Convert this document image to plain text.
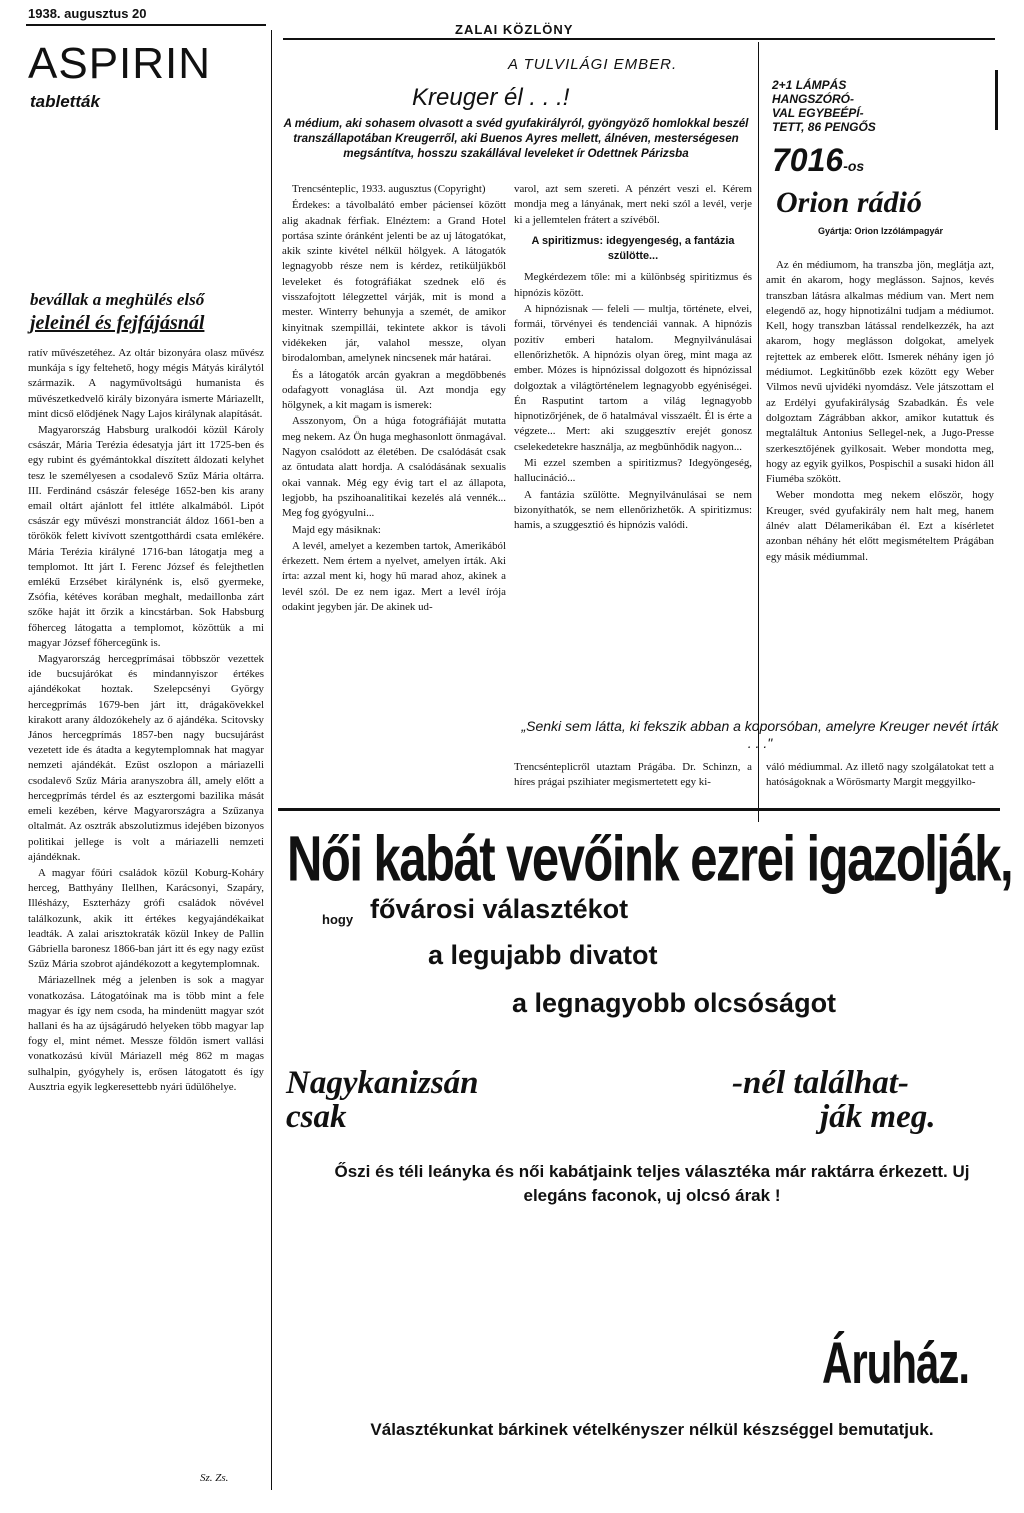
1938. augusztus 20
ZALAI KÖZLÖNY
ASPIRIN
tabletták
bevállak a meghülés első
jeleinél és fejfájásnál

ratív művészetéhez. Az oltár bizonyára olasz művész munkája s így feltehető, hogy mégis Mátyás királytól származik. A nagyművoltságú humanista és művészetkedvelő király bizonyára ismerte Máriazellt, mint dicső elődjének Nagy Lajos királynak alapítását.

Magyarország Habsburg uralkodói közül Károly császár, Mária Terézia édesatyja járt itt 1725-ben és egy rubint és gyémántokkal díszített áldozati kelyhet tesz le személyesen a csodalevő Szűz Mária oltárra. III. Ferdinánd császár felesége 1652-ben kis arany email oltárt ajánlott fel ittléte alkalmából. Lipót császár egy művészi monstranciát áldoz 1661-ben a törökök felett kivívott szentgotthárdi csata emlékére. Mária Terézia királyné 1716-ban látogatja meg a templomot. Itt járt I. Ferenc József és felejthetlen emlékű Erzsébet királynénk is, első gyermeke, Zsófia, kétéves korában meghalt, medaillonba zárt szőke haját itt őrzik a kincstárban. Sok Habsburg főherceg látogatta a templomot, közöttük a mi magyar József főhercegünk is.

Magyarország hercegprímásai többször vezettek ide bucsujárókat és mindannyiszor értékes ajándékokat hoztak. Szelepcsényi György hercegprímás 1679-ben járt itt, drágakövekkel kirakott arany áldozókehely az ő ajándéka. Scitovsky János hercegprímás 1857-ben nagy bucsujárást vezetett ide és átadta a kegytemplomnak hat magyar nemzeti ajándékát. Ezüst oszlopon a máriazelli csodalevő Szűz Mária aranyszobra áll, amely előtt a hercegprímás térdel és az esztergomi bazilika mását emeli kezében, kérve Magyarországra a Szűzanya oltalmát. Az osztrák abszolutizmus idejében bizonyos politikai jellege is volt a máriazelli nemzeti ajándéknak.

A magyar főúri családok közül Koburg-Koháry herceg, Batthyány Ilellhen, Karácsonyi, Szapáry, Illésházy, Eszterházy grófi családok növével találkozunk, akik itt értékes kegyajándékaikat leadták. A zalai arisztokraták közül Inkey de Pallin Gábriella baronesz 1866-ban járt itt és egy nagy ezüst Szűz Mária szobrot ajándékozott a kegytemplomnak.

Máriazellnek még a jelenben is sok a magyar vonatkozása. Látogatóinak ma is több mint a fele magyar és így nem csoda, ha mindenütt magyar szót hallani és ha az újságárudó helyeken több magyar lap fogy el, mint német. Messze földön ismert vallási vonatkozású kívül Máriazell még 862 m magas sulhalpin, gyógyhely is, erősen látogatott és így Ausztria egyik legkeresettebb nyári üdülőhelye.

Sz. Zs.
A TULVILÁGI EMBER.
Kreuger él . . .!
A médium, aki sohasem olvasott a svéd gyufakirályról, gyöngyöző homlokkal beszél transzállapotában Kreugerről, aki Buenos Ayres mellett, álnéven, mesterségesen megsántítva, hosszu szakállával leveleket ír Odettnek Párizsba

Trencsénteplic, 1933. augusztus (Copyright)

Érdekes: a távolbalátó ember pácienseí között alig akadnak férfiak. Elnéztem: a Grand Hotel portása szinte óránként jelenti be az uj látogatókat, akik szinte kivétel nélkül hölgyek. A látogatók legnagyobb része nem is kérdez, retiküljükből leveleket és fotográfiákat szednek elő és visszafojtott lélegzettel várják, mit is mond a mester. Winterry behunyja a szemét, de amikor kinyitnak szempillái, tekintete akkor is távoli vidékeken jár, valahol messze, olyan birodalomban, amelynek nincsenek már határai.

És a látogatók arcán gyakran a megdöbbenés odafagyott vonaglása ül. Azt mondja egy hölgynek, a kit magam is ismerek:

Asszonyom, Ön a húga fotográfiáját mutatta meg nekem. Az Ön huga meghasonlott önmagával. Nagyon csalódott az életében. De csalódását csak az öntudata alatt hordja. A csalódásának sexualis okai vannak. Még egy évig tart el az állapota, legjobb, ha pszihoanalitikai kezelés alá vennék... Meg fog gyógyulni...

Majd egy másiknak:

A levél, amelyet a kezemben tartok, Amerikából érkezett. Nem értem a nyelvet, amelyen írták. Aki írta: azzal ment ki, hogy hű marad ahoz, akinek a levél szól. De ez nem igaz. Mert a levél írója odakint jegyben jár. De akinek ud-

varol, azt sem szereti. A pénzért veszi el. Kérem mondja meg a lányának, mert neki szól a levél, verje ki a jellemtelen frátert a szívéből.

A spiritizmus: idegyengeség, a fantázia szülötte...

Megkérdezem tőle: mi a különbség spiritizmus és hipnózis között.

A hipnózisnak — feleli — multja, története, elvei, formái, törvényei és tendenciái vannak. A hipnózis pozitív emberi hatalom. Megnyilvánulásai ellenőrizhetők. A hipnózis olyan öreg, mint maga az ember. Mózes is hipnózissal dolgozott és hipnózissal dolgoztak a világtörténelem legnagyobb egyéniségei. Én Rasputint tartom a világ legnagyobb hipnotizőrjének, de ő hatalmával visszaélt. Él is érte a végzete... Mert: aki szuggesztív erejét gonosz cselekedetekre használja, az megbünhődik nagyon...

Mi ezzel szemben a spiritizmus? Idegyöngeség, hallucináció...

A fantázia szülötte. Megnyilvánulásai se nem bizonyíthatók, se nem ellenőrizhetők. A spiritizmus: hamis, a szuggesztió és hipnózis valódi.

2+1 LÁMPÁS
HANGSZÓRÓ-
VAL EGYBEÉPÍ-
TETT, 86 PENGŐS
7016-os
Orion rádió
Gyártja: Orion Izzólámpagyár

Az én médiumom, ha transzba jön, meglátja azt, amit én akarom, hogy meglásson. Sajnos, kevés transzban látásra alkalmas médium van. Mert nem elegendő az, hogy hipnotizálni tudjam a médiumot. Kell, hogy transzban látással rendelkezzék, ha azt akarom, hogy meglásson dolgokat, amelyek rejtettek az emberek előtt. Ismerek néhány igen jó médiumot. Legkitűnőbb ezek között egy Weber Vilmos nevű ujvidéki nyomdász. Vele játszottam el az Erdélyi gyufakirályság Szabadkán. És vele dolgoztam Zágrábban akkor, amikor kutattuk és megtaláltuk Antonius Sellegel-nek, a Jugo-Presse szerkesztőjének gyilkosait. Weber mondotta meg, hogy az egyik gyilkos, Pospischil a susaki hidon áll Fiuméba szökött.

Weber mondotta meg nekem először, hogy Kreuger, svéd gyufakirály nem halt meg, hanem álnév alatt Délamerikában él. Ezt a kísérletet azonban néhány hét előtt megismételtem Prágában egy másik médiummal.

„Senki sem látta, ki fekszik abban a koporsóban, amelyre Kreuger nevét írták . . ."
Trencsénteplicről utaztam Prágába. Dr. Schinzn, a híres prágai pszihiater megismertetett egy ki-
váló médiummal. Az illető nagy szolgálatokat tett a hatóságoknak a Wörösmarty Margit meggyilko-
Női kabát vevőink ezrei igazolják,
hogy fővárosi választékot
a legujabb divatot
a legnagyobb olcsóságot
Nagykanizsán
csak
-nél találhat-
ják meg.
Őszi és téli leányka és női kabátjaink teljes választéka már raktárra érkezett. Uj elegáns faconok, uj olcsó árak !
Áruház.
Választékunkat bárkinek vételkényszer nélkül készséggel bemutatjuk.
